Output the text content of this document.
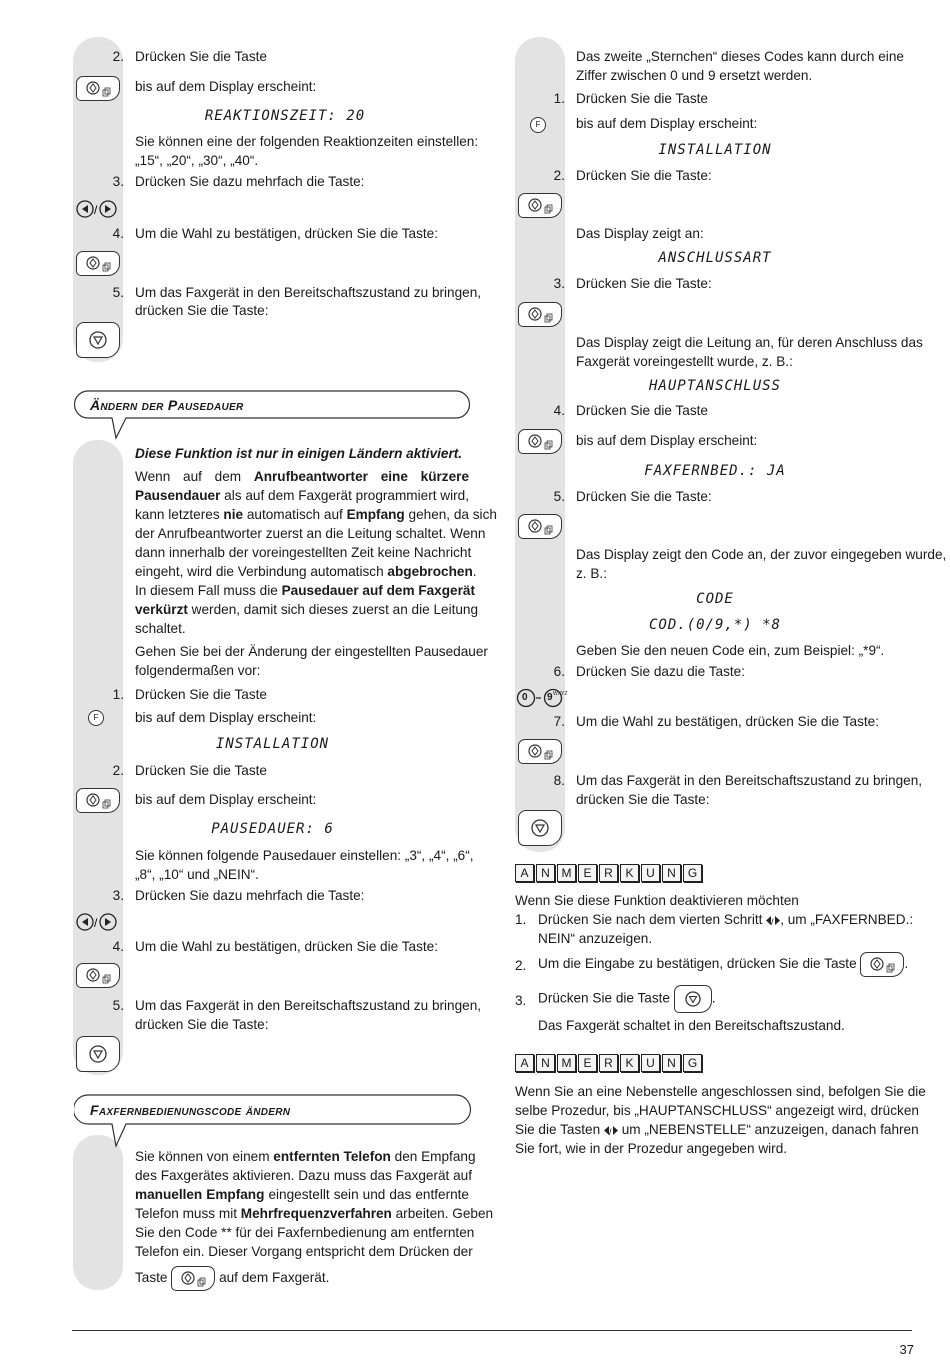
2. Drücken Sie die Taste
bis auf dem Display erscheint:
REAKTIONSZEIT: 20
Sie können eine der folgenden Reaktionzeiten einstellen:
„15“, „20“, „30“, „40“.
3. Drücken Sie dazu mehrfach die Taste:
/
4. Um die Wahl zu bestätigen, drücken Sie die Taste:
5. Um das Faxgerät in den Bereitschaftszustand zu bringen,
drücken Sie die Taste:
Ändern der Pausedauer
Diese Funktion ist nur in einigen Ländern aktiviert.
Wenn auf dem Anrufbeantworter eine kürzere
Pausendauer als auf dem Faxgerät programmiert wird,
kann letzteres nie automatisch auf Empfang gehen, da sich
der Anrufbeantworter zuerst an die Leitung schaltet. Wenn
dann innerhalb der voreingestellten Zeit keine Nachricht
eingeht, wird die Verbindung automatisch abgebrochen.
In diesem Fall muss die Pausedauer auf dem Faxgerät
verkürzt werden, damit sich dieses zuerst an die Leitung
schaltet.
Gehen Sie bei der Änderung der eingestellten Pausedauer
folgendermaßen vor:
1. Drücken Sie die Taste
F	bis auf dem Display erscheint:
INSTALLATION
2. Drücken Sie die Taste
bis auf dem Display erscheint:
PAUSEDAUER: 6
Sie können folgende Pausedauer einstellen: „3“, „4“, „6“,
„8“, „10“ und „NEIN“.
3. Drücken Sie dazu mehrfach die Taste:
/
4. Um die Wahl zu bestätigen, drücken Sie die Taste:
5. Um das Faxgerät in den Bereitschaftszustand zu bringen,
drücken Sie die Taste:
Faxfernbedienungscode ändern
Sie können von einem entfernten Telefon den Empfang
des Faxgerätes aktivieren. Dazu muss das Faxgerät auf
manuellen Empfang eingestellt sein und das entfernte
Telefon muss mit Mehrfrequenzverfahren arbeiten. Geben
Sie den Code ** für dei Faxfernbedienung am entfernten
Telefon ein. Dieser Vorgang entspricht dem Drücken der
Taste	auf dem Faxgerät.
Das zweite „Sternchen“ dieses Codes kann durch eine
Ziffer zwischen 0 und 9 ersetzt werden.
1. Drücken Sie die Taste
F	bis auf dem Display erscheint:
INSTALLATION
2. Drücken Sie die Taste:
Das Display zeigt an:
ANSCHLUSSART
3. Drücken Sie die Taste:
Das Display zeigt die Leitung an, für deren Anschluss das
Faxgerät voreingestellt wurde, z. B.:
HAUPTANSCHLUSS
4. Drücken Sie die Taste
bis auf dem Display erscheint:
FAXFERNBED.: JA
5. Drücken Sie die Taste:
Das Display zeigt den Code an, der zuvor eingegeben wurde,
z. B.:
CODE
COD.(0/9,*) *8
Geben Sie den neuen Code ein, zum Beispiel: „*9“.
6. Drücken Sie dazu die Taste:
0 9 WXYZ
7. Um die Wahl zu bestätigen, drücken Sie die Taste:
8. Um das Faxgerät in den Bereitschaftszustand zu bringen,
drücken Sie die Taste:
A	N M E	R	K	U	N	G
Wenn Sie diese Funktion deaktivieren möchten
1. Drücken Sie nach dem vierten Schritt / , um „FAXFERNBED.:
NEIN“ anzuzeigen.
2. Um die Eingabe zu bestätigen, drücken Sie die Taste	.
3. Drücken Sie die Taste	.
Das Faxgerät schaltet in den Bereitschaftszustand.
A	N M E	R	K	U	N	G
Wenn Sie an eine Nebenstelle angeschlossen sind, befolgen Sie die
selbe Prozedur, bis „HAUPTANSCHLUSS“ angezeigt wird, drücken
Sie die Tasten / um „NEBENSTELLE“ anzuzeigen, danach fahren
Sie fort, wie in der Prozedur angegeben wird.
37
